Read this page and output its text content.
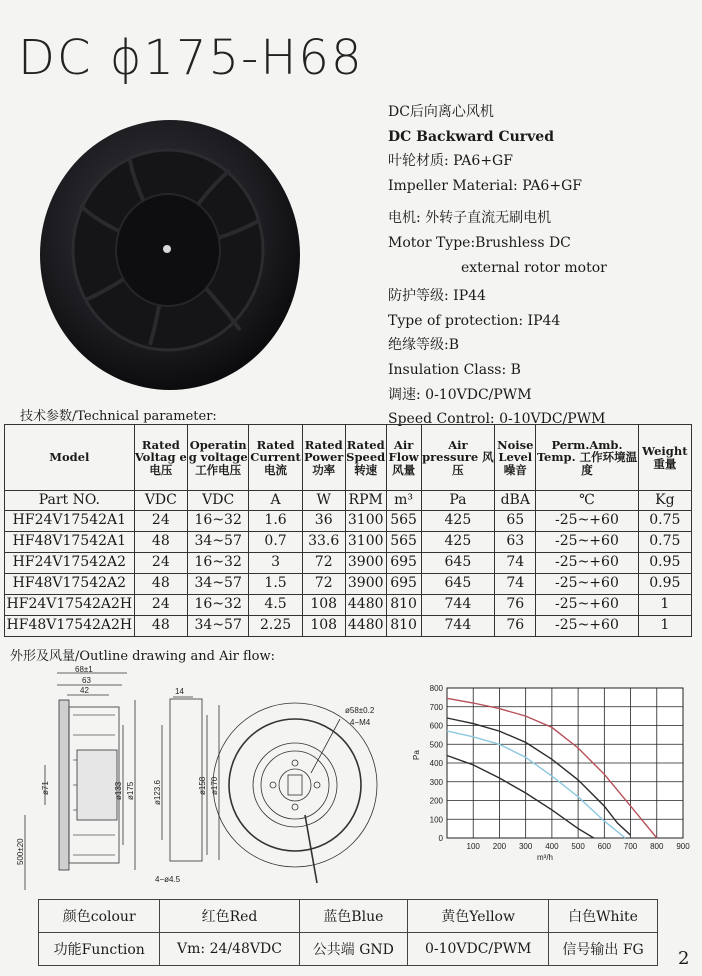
DC ϕ175-H68
DC后向离心风机
DC Backward Curved
叶轮材质: PA6+GF
Impeller Material: PA6+GF
电机: 外转子直流无刷电机
Motor Type:Brushless DC
external rotor motor
防护等级: IP44
Type of protection: IP44
绝缘等级:B
Insulation Class: B
调速: 0-10VDC/PWM
Speed Control: 0-10VDC/PWM
技术参数/Technical parameter:
Model	Rated Voltag e电压	Operatin g voltage 工作电压	Rated Current 电流	Rated Power 功率	Rated Speed 转速	Air Flow 风量	Air pressure 风压	Noise Level 噪音	Perm.Amb. Temp. 工作环境温度	Weight 重量
Part NO.	VDC	VDC	A	W	RPM	m³	Pa	dBA	℃	Kg
HF24V17542A1	24	16~32	1.6	36	3100	565	425	65	-25~+60	0.75
HF48V17542A1	48	34~57	0.7	33.6	3100	565	425	63	-25~+60	0.75
HF24V17542A2	24	16~32	3	72	3900	695	645	74	-25~+60	0.95
HF48V17542A2	48	34~57	1.5	72	3900	695	645	74	-25~+60	0.95
HF24V17542A2H	24	16~32	4.5	108	4480	810	744	76	-25~+60	1
HF48V17542A2H	48	34~57	2.25	108	4480	810	744	76	-25~+60	1
外形及风量/Outline drawing and Air flow:
68±1
63
42
ø71	ø133 ø175
500±20
14
ø123.6	ø158 ø170
4−ø4.5
ø58±0.2
4−M4
0
100
200
300
400
500
600
700
800
100 200 300 400 500 600 700 800 900
Pa
m³/h
颜色colour	红色Red	蓝色Blue	黄色Yellow	白色White
功能Function	Vm: 24/48VDC	公共端 GND	0-10VDC/PWM	信号输出 FG 2
